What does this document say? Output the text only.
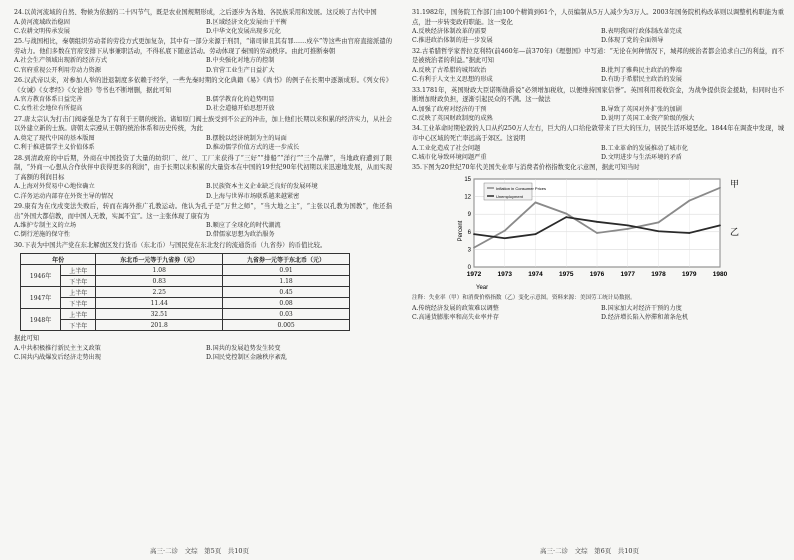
24.以黄河流域的自然、物候为依据的二十四节气，既是农业国规期形成，之后逐步为各地、各民族采用和发展。这反映了古代中国

A.黄河流域政治稳固	B.区域经济文化发展由于平衡
C.农耕文明传承发展	D.中华文化发展出现多元化

25.与战国相比，秦朝组织劳动者的劳役方式更加复杂，其中有一部分来源于刑罚，“诸司律且其有罪……戍卒”等这些由官府直接派遣的劳动力。他们多数在官府安排下从事兼职活动，不得私底下随意活动。劳动体现了秦国的劳动秩序。由此可推断秦朝

A.社会生产领域出现新的经济方式	B.中央强化对地方的控制
C.官府重视公开利用劳动力资源	D.官营工业生产日益扩大

26.汉武帝以来，对参加人举的进退制度多依赖于经学，一些先秦时期的文化典籍《易》《尚书》的例子在长期中逐渐成形。《列女传》《女诫》《女孝经》《女论语》等书也不断增删，据此可知

A.官方教育体系日益完善	B.儒学教育化的趋势明显
C.女性社会地位有所提高	D.社会道德开始思想开放

27.唐太宗认为打击门阀豪强是为了有利于王朝的统治。诸如原门阀士族受到不公正的冲击，加上他们长期以来积累的经济实力，从社会以外建立新的士族。唐朝太宗遵从王朝的统治体系和历史传统，为此

A.奠定了现代中国的基本版图	B.摆脱以经济统制为主的局面
C.利于推进儒学主义价值体系	D.推动儒学价值方式的进一步成长

28.到清政府的中后期，外商在中国投资了大量的纺织厂、丝厂、工厂来获得了“三好”“排船”“洋行”“三个品牌”，当地政府遭到了限制，“外商一心想从合作伙伴中获得更多的利润”，由于长期以来积累的大量资本在中国的19世纪90年代初期以来迅速地发展，从而实现了高额的利润目标

A.上海对外贸易中心地位确立	B.民族资本主义企业缺乏良好的发展环境
C.洋务运动内部存在外资主导的情况	D.上海与世界市场联系越来越紧密

29.康有为在戊戌变法失败后，转而在海外推广孔教运动。他认为孔子是“万世之师”，“当大地之主”，“主张以孔教为国教”，他还指出“外国大都信教，而中国人无教，实属不宜”。这一主张体现了康有为

A.维护专制主义的立场	B.顺应了全球化的时代潮流
C.倒行逆施的保守性	D.借儒家思想为政治服务

30.下表为中国共产党在东北解放区发行货币（东北币）与国民党在东北发行的流通货币（九省券）的币值比较。

年份		东北币一元等于九省券（元）	九省券一元等于东北币（元）
1946年	上半年	1.08	0.91
	下半年	0.83	1.18
1947年	上半年	2.25	0.45
	下半年	11.44	0.08
1948年	上半年	32.51	0.03
	下半年	201.8	0.005

据此可知

A.中共积极推行新民主主义政策	B.国共的发展趋势发生转变
C.国共内战爆发后经济走势出现	D.国民党控制区金融秩序紊乱
高三·二诊　文综　第5页　共10页

31.1982年，国务院工作部门由100个精简到61个，人员编制从5万人减少为3万人。2003年国务院机构改革则以调整机构职能为重点，进一步转变政府职能。这一变化

A.反映经济体制改革的需要	B.表明我国行政体制改革完成
C.推进政治体制的进一步发展	D.体现了党的全面领导

32.古希腊哲学家普拉克利特(前460年—前370年)《理想国》中写道：“无论在何种情况下，城邦的统治者都会追求自己的利益，而不是被统治者的利益。”据此可知

A.反映了古希腊的城邦政治	B.批判了雅典民主政治的弊端
C.有利于人文主义思想的形成	D.有助于希腊民主政治的发展

33.1781年，英国财政大臣诺斯勋爵说“必须增加税收，以便维持国家信誉”。英国利用税收资金，为战争提供资金援助，但同时也不断增加财政负担，逐渐引起民众的不满。这一做法

A.加强了政府对经济的干预	B.导致了英国对外扩张的加剧
C.反映了英国财政制度的成熟	D.说明了英国工业资产阶级的强大

34.工业革命时期伦敦的人口从约250万人左右，巨大的人口给伦敦带来了巨大的压力，居民生活环境恶化。1844年在调查中发现，城市中心区域的死亡率远高于郊区。这说明

A.工业化造成了社会问题	B.工业革命的发展推动了城市化
C.城市化导致环境问题严重	D.文明进步与生活环境的矛盾

35.下图为20世纪70年代美国失业率与消费者价格指数变化示意图，据此可知当时

0
3
6
9
12
15
1972	1973	1974	1975	1976	1977	1978	1979	1980
Inflation in Consumer Prices
Unemployment
甲
乙
Percent
Year

注释：失业率（甲）和消费价格指数（乙）变化示意图。资料来源：美国劳工统计局数据。

A.传统经济发展的政策难以调整	B.国家加大对经济干预的力度
C.高通货膨胀率和高失业率并存	D.经济增长陷入停滞和萧条危机
高三·二诊　文综　第6页　共10页
